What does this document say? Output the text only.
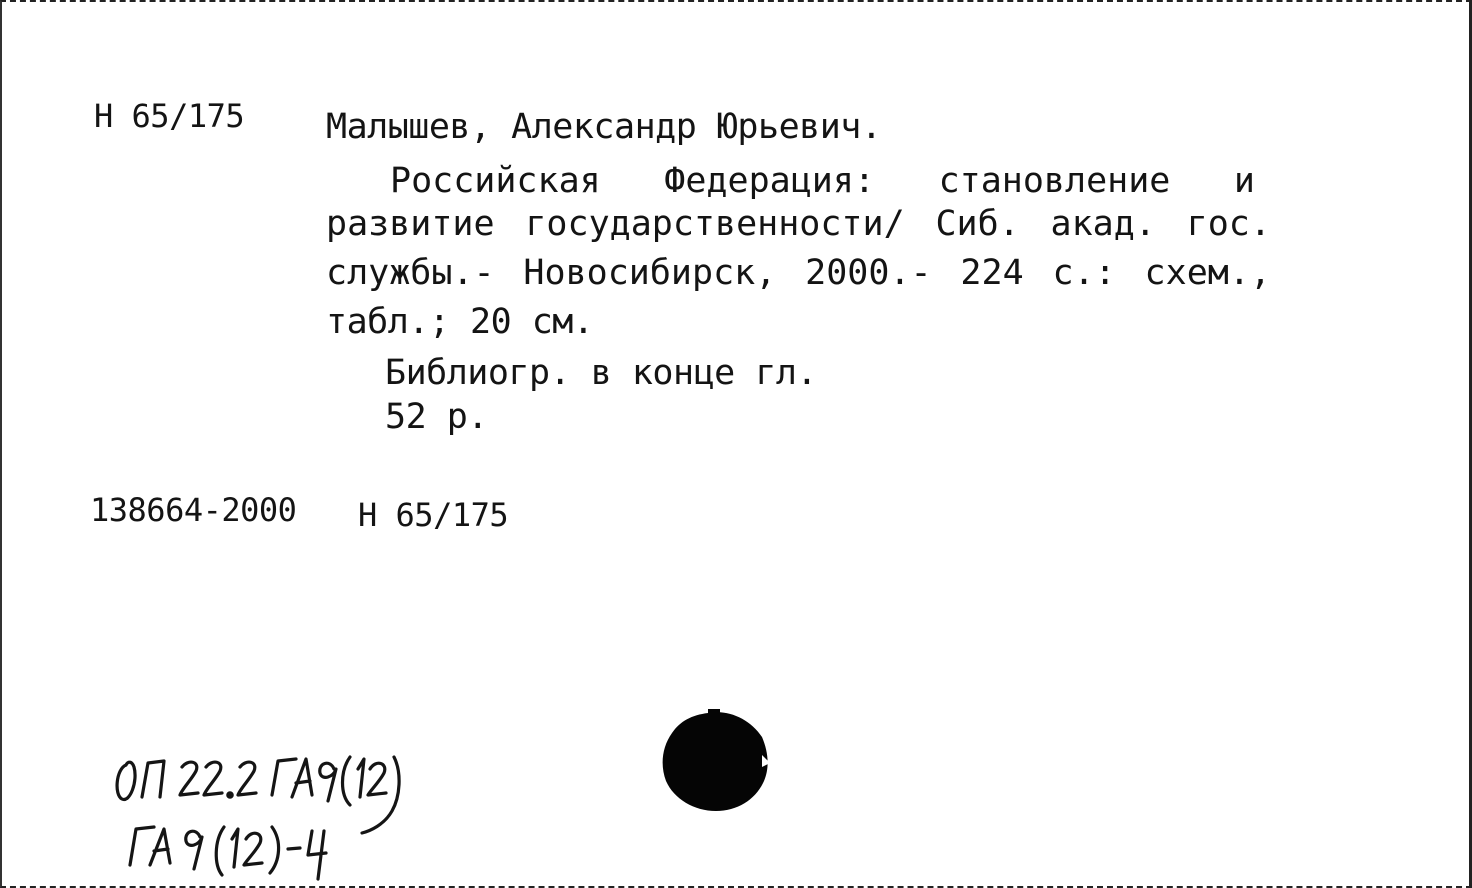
Н 65/175 Малышев, Александр Юрьевич.
Российская Федерация: становление и
развитие государственности/ Сиб. акад. гос.
службы.- Новосибирск, 2000.- 224 с.: схем.,
табл.; 20 см.
Библиогр. в конце гл.
52 р.
138664-2000 Н 65/175
